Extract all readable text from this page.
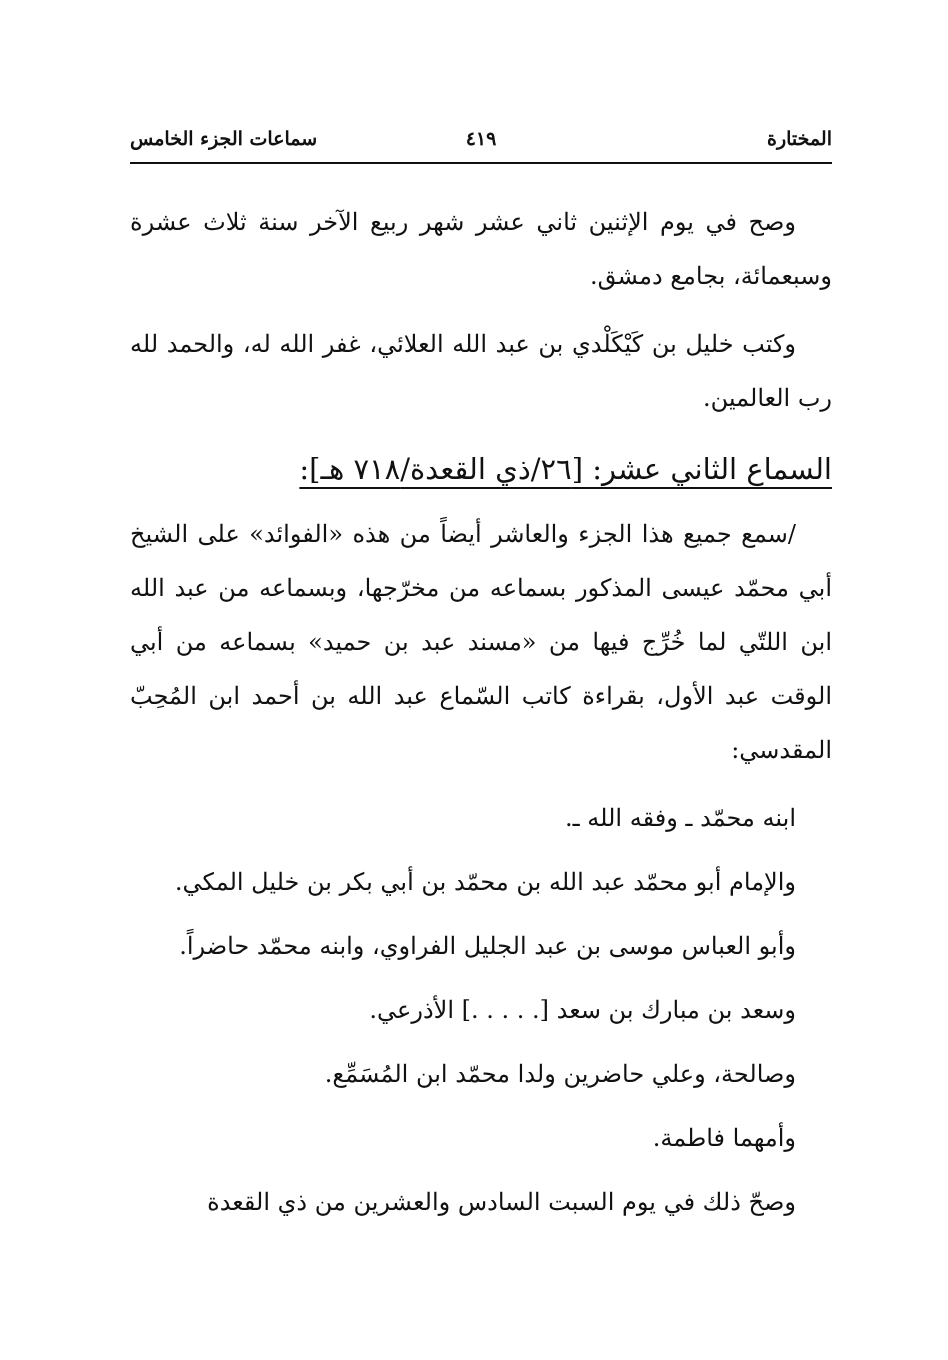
المختارة
٤١٩
سماعات الجزء الخامس

وصح في يوم الإثنين ثاني عشر شهر ربيع الآخر سنة ثلاث عشرة وسبعمائة، بجامع دمشق.

وكتب خليل بن كَيْكَلْدي بن عبد الله العلائي، غفر الله له، والحمد لله رب العالمين.

السماع الثاني عشر: [٢٦/ذي القعدة/٧١٨ هـ]:

/سمع جميع هذا الجزء والعاشر أيضاً من هذه «الفوائد» على الشيخ أبي محمّد عيسى المذكور بسماعه من مخرّجها، وبسماعه من عبد الله ابن اللتّي لما خُرِّج فيها من «مسند عبد بن حميد» بسماعه من أبي الوقت عبد الأول، بقراءة كاتب السّماع عبد الله بن أحمد ابن المُحِبّ المقدسي:

ابنه محمّد ـ وفقه الله ـ.

والإمام أبو محمّد عبد الله بن محمّد بن أبي بكر بن خليل المكي.

وأبو العباس موسى بن عبد الجليل الفراوي، وابنه محمّد حاضراً.

وسعد بن مبارك بن سعد [. . . . .] الأذرعي.

وصالحة، وعلي حاضرين ولدا محمّد ابن المُسَمِّع.

وأمهما فاطمة.

وصحّ ذلك في يوم السبت السادس والعشرين من ذي القعدة
